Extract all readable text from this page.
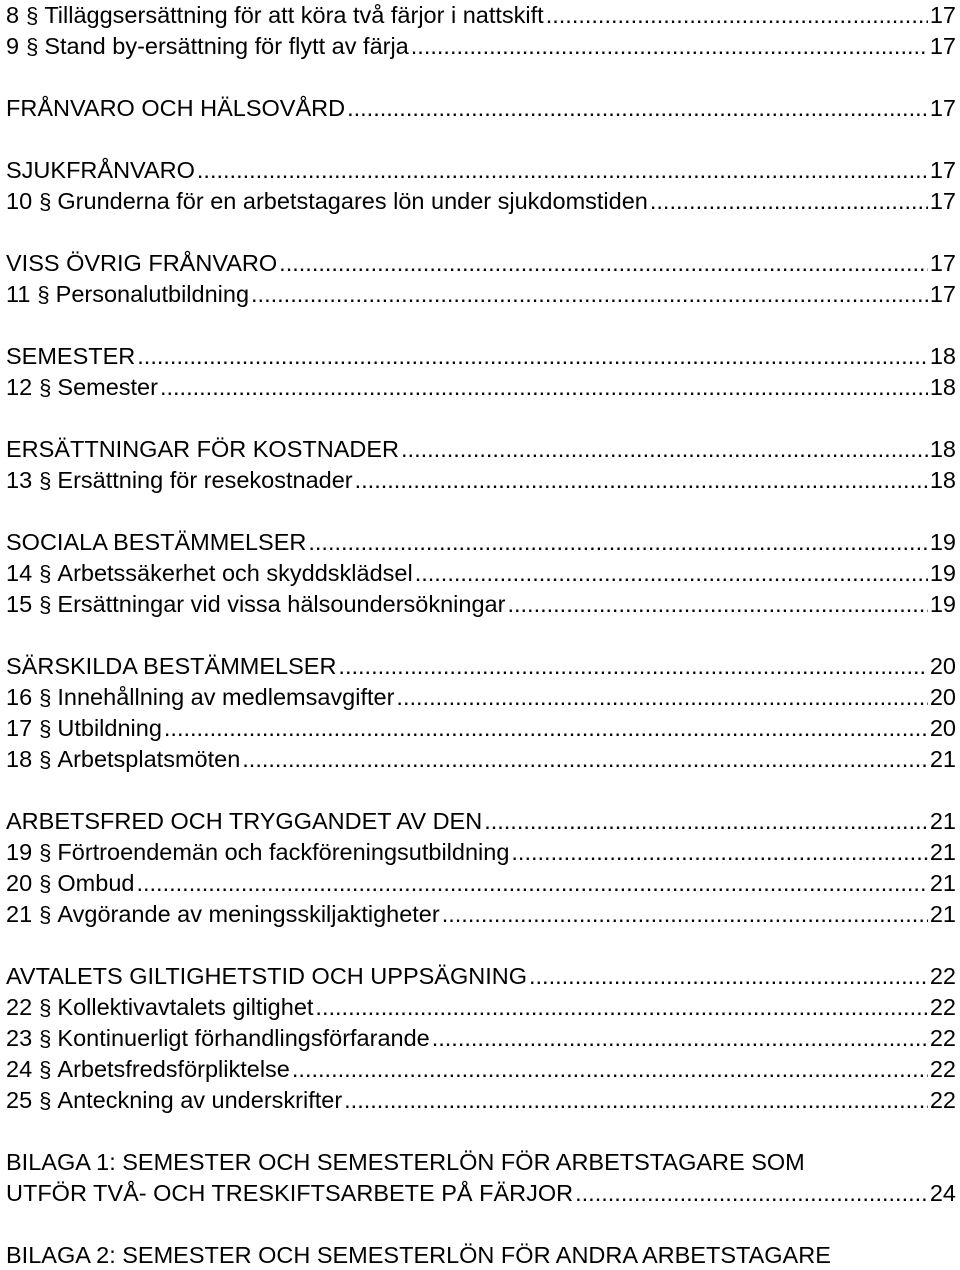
8 § Tilläggsersättning för att köra två färjor i nattskift .....	17
9 § Stand by-ersättning för flytt av färja .....	17
FRÅNVARO OCH HÄLSOVÅRD .....	17
SJUKFRÅNVARO .....	17
10 § Grunderna för en arbetstagares lön under sjukdomstiden .....	17
VISS ÖVRIG FRÅNVARO .....	17
11 § Personalutbildning .....	17
SEMESTER .....	18
12 § Semester .....	18
ERSÄTTNINGAR FÖR KOSTNADER .....	18
13 § Ersättning för resekostnader .....	18
SOCIALA BESTÄMMELSER .....	19
14 § Arbetssäkerhet och skyddsklädsel .....	19
15 § Ersättningar vid vissa hälsoundersökningar .....	19
SÄRSKILDA BESTÄMMELSER .....	20
16 § Innehållning av medlemsavgifter .....	20
17 § Utbildning .....	20
18 § Arbetsplatsmöten .....	21
ARBETSFRED OCH TRYGGANDET AV DEN .....	21
19 § Förtroendemän och fackföreningsutbildning .....	21
20 § Ombud .....	21
21 § Avgörande av meningsskiljaktigheter .....	21
AVTALETS GILTIGHETSTID OCH UPPSÄGNING .....	22
22 § Kollektivavtalets giltighet .....	22
23 § Kontinuerligt förhandlingsförfarande .....	22
24 § Arbetsfredsförpliktelse .....	22
25 § Anteckning av underskrifter .....	22
BILAGA 1: SEMESTER OCH SEMESTERLÖN FÖR ARBETSTAGARE SOM
UTFÖR TVÅ- OCH TRESKIFTSARBETE PÅ FÄRJOR .....	24
BILAGA 2: SEMESTER OCH SEMESTERLÖN FÖR ANDRA ARBETSTAGARE
